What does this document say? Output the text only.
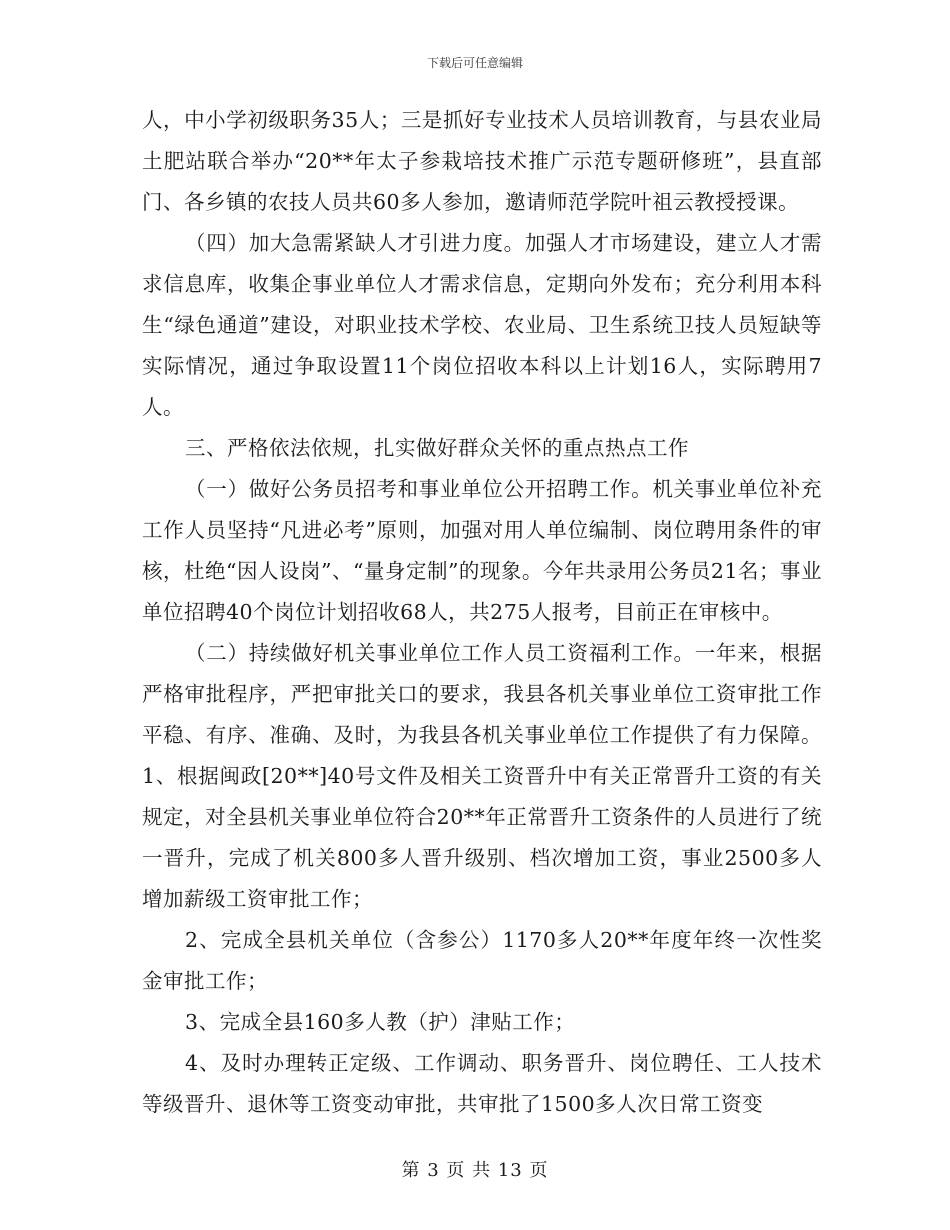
下载后可任意编辑

人，中小学初级职务35人；三是抓好专业技术人员培训教育，与县农业局土肥站联合举办“20**年太子参栽培技术推广示范专题研修班”，县直部门、各乡镇的农技人员共60多人参加，邀请师范学院叶祖云教授授课。

（四）加大急需紧缺人才引进力度。加强人才市场建设，建立人才需求信息库，收集企事业单位人才需求信息，定期向外发布；充分利用本科生“绿色通道”建设，对职业技术学校、农业局、卫生系统卫技人员短缺等实际情况，通过争取设置11个岗位招收本科以上计划16人，实际聘用7人。

三、严格依法依规，扎实做好群众关怀的重点热点工作

（一）做好公务员招考和事业单位公开招聘工作。机关事业单位补充工作人员坚持“凡进必考”原则，加强对用人单位编制、岗位聘用条件的审核，杜绝“因人设岗”、“量身定制”的现象。今年共录用公务员21名；事业单位招聘40个岗位计划招收68人，共275人报考，目前正在审核中。

（二）持续做好机关事业单位工作人员工资福利工作。一年来，根据严格审批程序，严把审批关口的要求，我县各机关事业单位工资审批工作平稳、有序、准确、及时，为我县各机关事业单位工作提供了有力保障。1、根据闽政[20**]40号文件及相关工资晋升中有关正常晋升工资的有关规定，对全县机关事业单位符合20**年正常晋升工资条件的人员进行了统一晋升，完成了机关800多人晋升级别、档次增加工资，事业2500多人增加薪级工资审批工作；

2、完成全县机关单位（含参公）1170多人20**年度年终一次性奖金审批工作；

3、完成全县160多人教（护）津贴工作；

4、及时办理转正定级、工作调动、职务晋升、岗位聘任、工人技术等级晋升、退休等工资变动审批，共审批了1500多人次日常工资变

第 3 页 共 13 页
